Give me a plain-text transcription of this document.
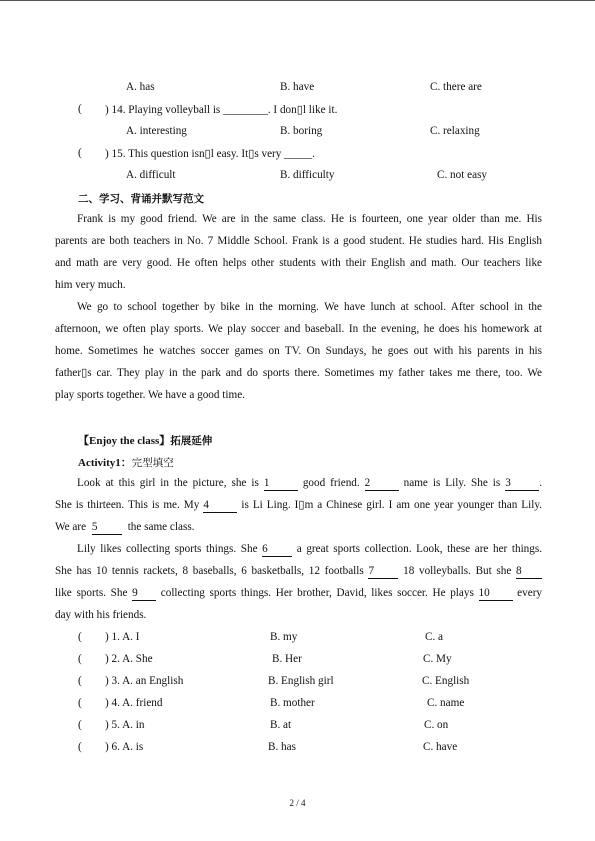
A. has	B. have	C. there are
( ) 14. Playing volleyball is ________. I don▯l like it.
A. interesting	B. boring	C. relaxing
( ) 15. This question isn▯l easy. It▯s very _____.
A. difficult	B. difficulty	C. not easy
二、学习、背诵并默写范文
Frank is my good friend. We are in the same class. He is fourteen, one year older than me. His
parents are both teachers in No. 7 Middle School. Frank is a good student. He studies hard. His English
and math are very good. He often helps other students with their English and math. Our teachers like
him very much.
We go to school together by bike in the morning. We have lunch at school. After school in the
afternoon, we often play sports. We play soccer and baseball. In the evening, he does his homework at
home. Sometimes he watches soccer games on TV. On Sundays, he goes out with his parents in his
father▯s car. They play in the park and do sports there. Sometimes my father takes me there, too. We
play sports together. We have a good time.
【Enjoy the class】拓展延伸
Activity1：完型填空
Look at this girl in the picture, she is 1	good friend. 2	name is Lily. She is 3	.
She is thirteen. This is me. My 4	is Li Ling. I▯m a Chinese girl. I am one year younger than Lily.
We are 5	the same class.
Lily likes collecting sports things. She 6	a great sports collection. Look, these are her things.
She has 10 tennis rackets, 8 baseballs, 6 basketballs, 12 footballs 7	18 volleyballs. But she 8
like sports. She 9 collecting sports things. Her brother, David, likes soccer. He plays 10 every
day with his friends.
( ) 1. A. I	B. my	C. a
( ) 2. A. She	B. Her	C. My
( ) 3. A. an English	B. English girl	C. English
( ) 4. A. friend	B. mother	C. name
( ) 5. A. in	B. at	C. on
( ) 6. A. is	B. has	C. have
2 / 4
